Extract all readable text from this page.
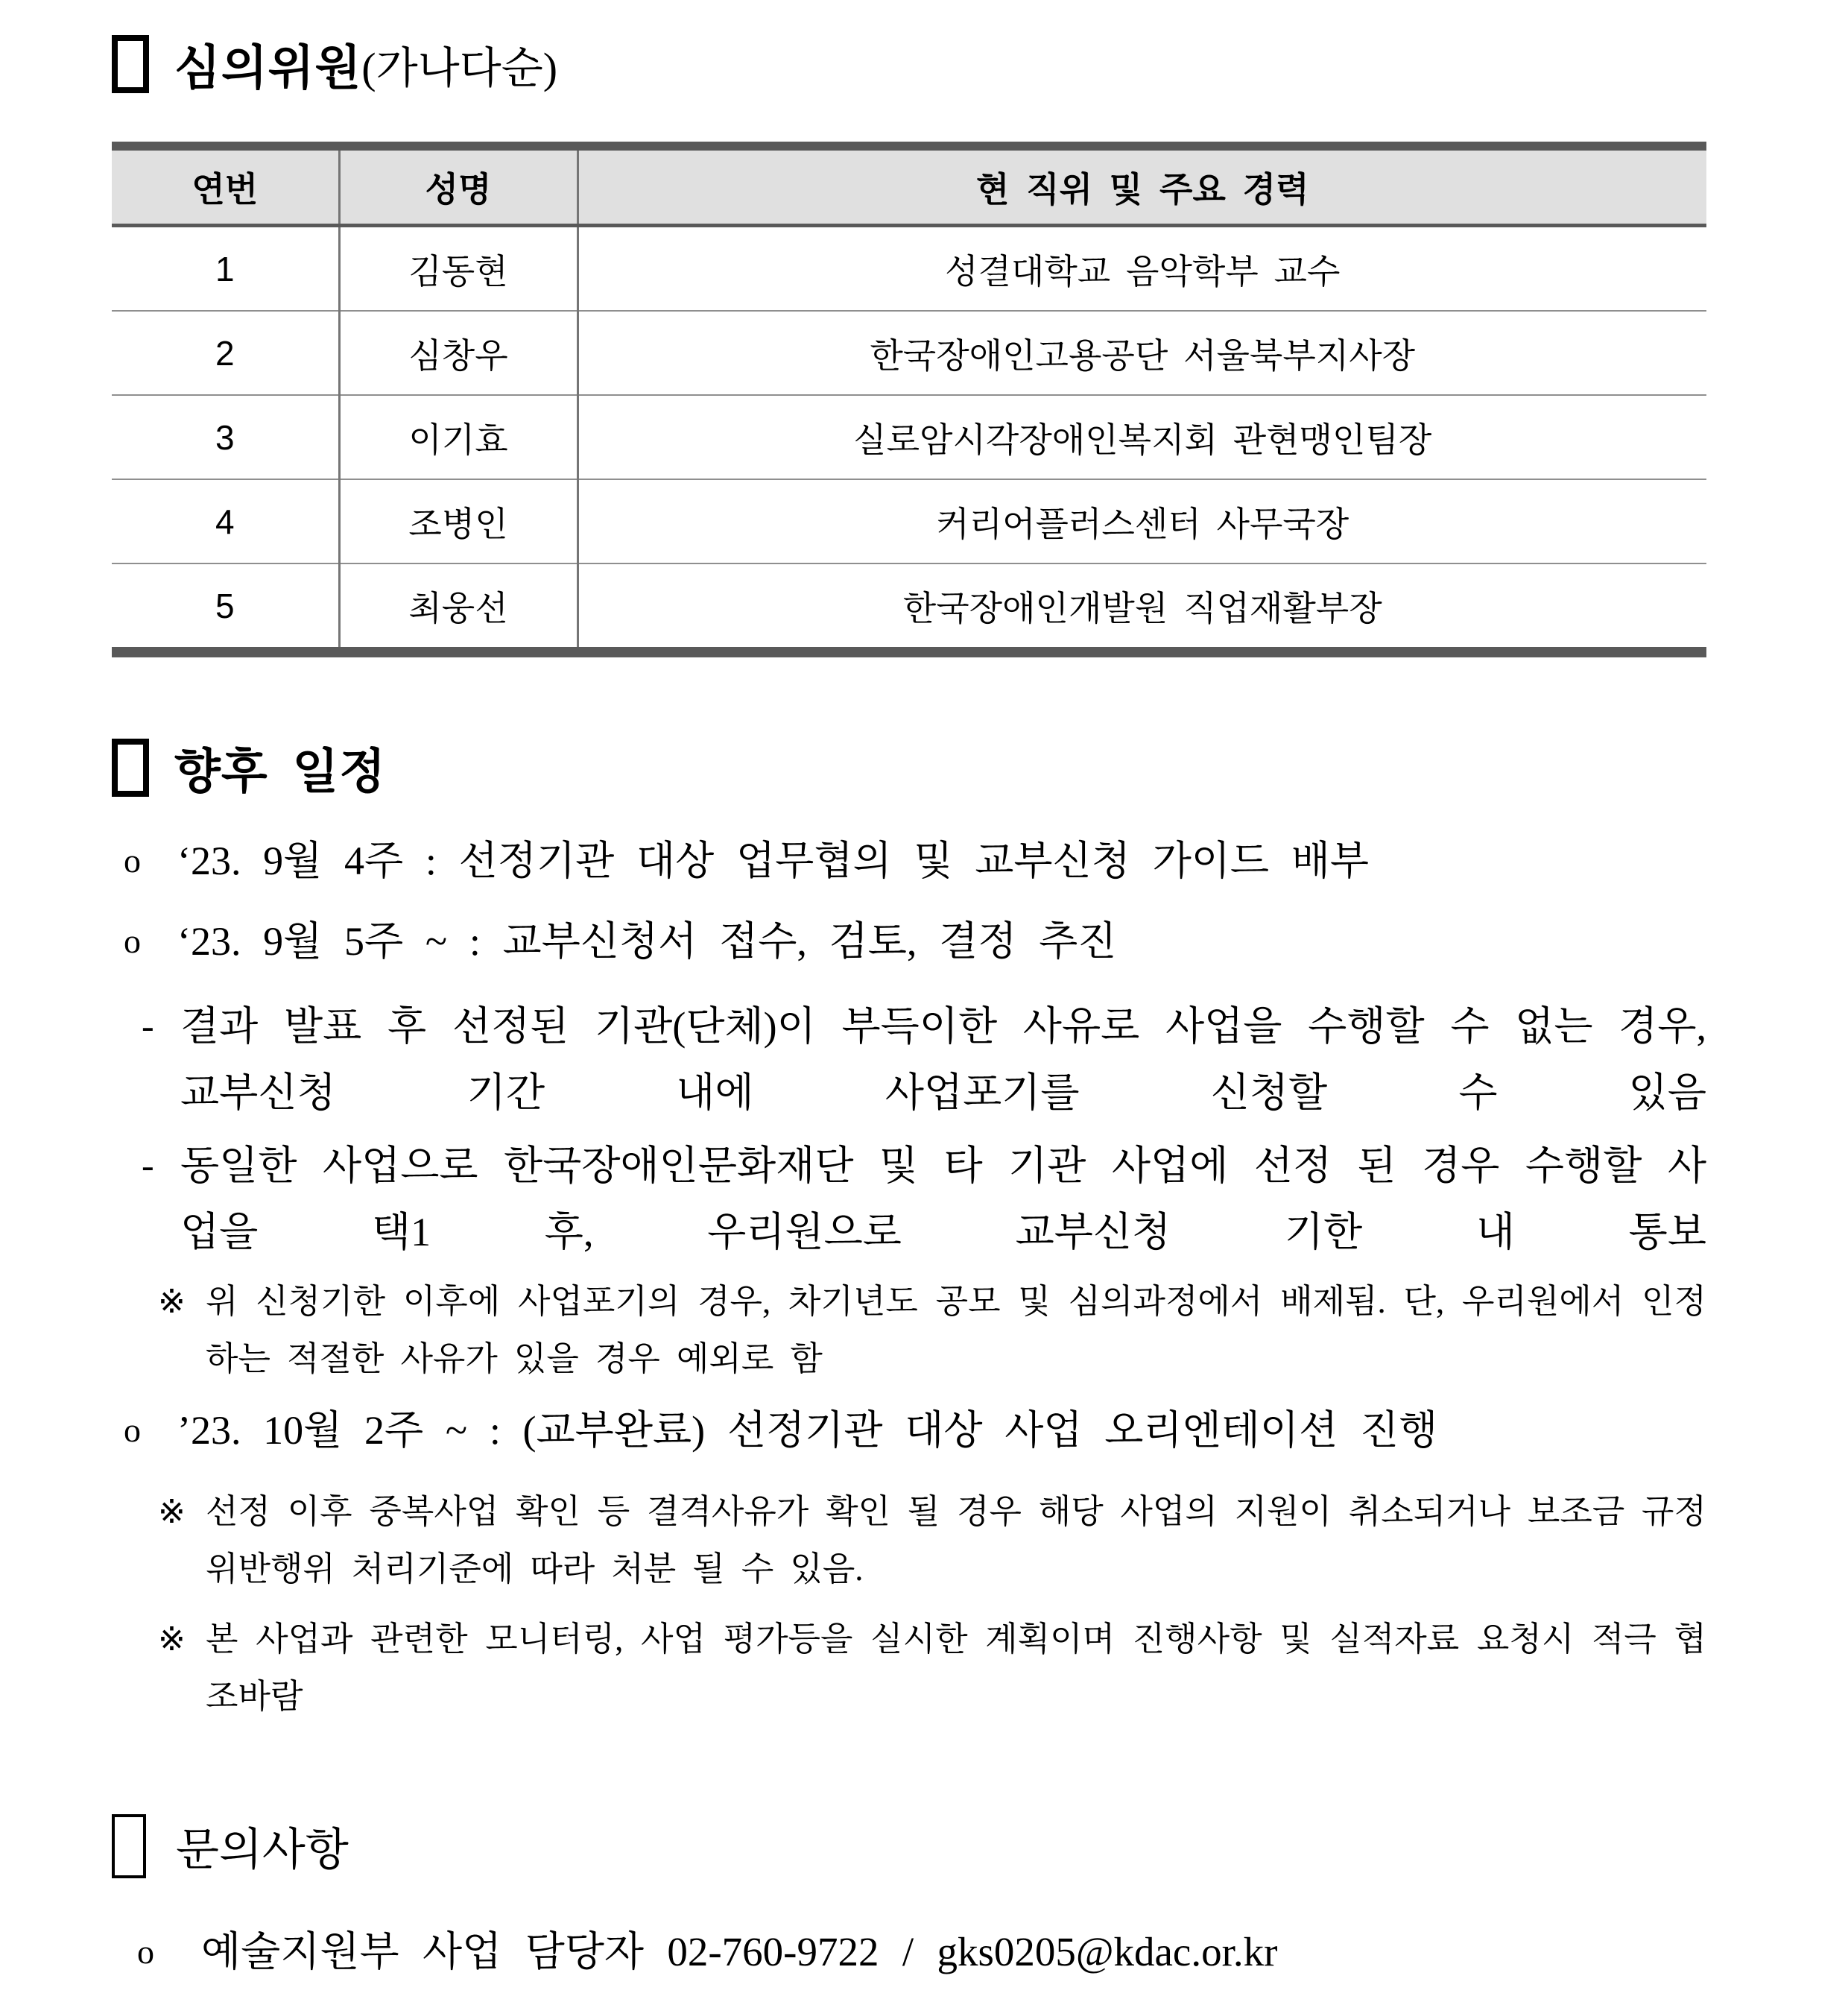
심의위원 (가나다순)
연번	성명	현 직위 및 주요 경력
1	김동현	성결대학교 음악학부 교수
2	심창우	한국장애인고용공단 서울북부지사장
3	이기효	실로암시각장애인복지회 관현맹인팀장
4	조병인	커리어플러스센터 사무국장
5	최웅선	한국장애인개발원 직업재활부장
향후 일정
o ‘23. 9월 4주 : 선정기관 대상 업무협의 및 교부신청 가이드 배부
o ‘23. 9월 5주 ~ : 교부신청서 접수, 검토, 결정 추진
- 결과 발표 후 선정된 기관(단체)이 부득이한 사유로 사업을 수행할 수 없는 경우, 교부신청 기간 내에 사업포기를 신청할 수 있음
- 동일한 사업으로 한국장애인문화재단 및 타 기관 사업에 선정 된 경우 수행할 사업을 택1 후, 우리원으로 교부신청 기한 내 통보
※ 위 신청기한 이후에 사업포기의 경우, 차기년도 공모 및 심의과정에서 배제됨. 단, 우리원에서 인정하는 적절한 사유가 있을 경우 예외로 함
o ’23. 10월 2주 ~ : (교부완료) 선정기관 대상 사업 오리엔테이션 진행
※ 선정 이후 중복사업 확인 등 결격사유가 확인 될 경우 해당 사업의 지원이 취소되거나 보조금 규정 위반행위 처리기준에 따라 처분 될 수 있음.
※ 본 사업과 관련한 모니터링, 사업 평가등을 실시한 계획이며 진행사항 및 실적자료 요청시 적극 협조바람
문의사항
o	예술지원부 사업 담당자 02-760-9722 / gks0205@kdac.or.kr
